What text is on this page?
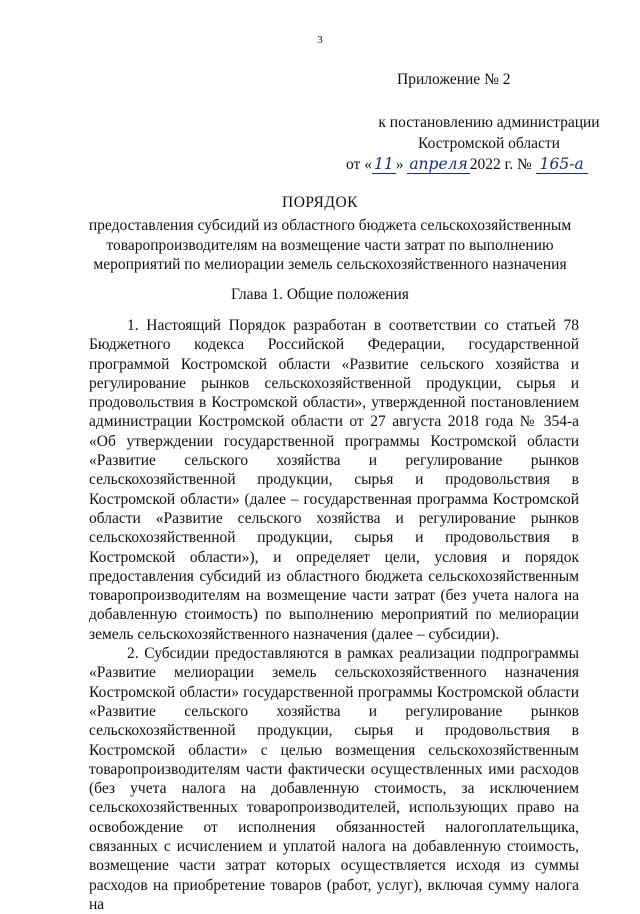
3
Приложение № 2
к постановлению администрации
Костромской области
от « 11 » апреля 2022 г. № 165-а
ПОРЯДОК
предоставления субсидий из областного бюджета сельскохозяйственным товаропроизводителям на возмещение части затрат по выполнению мероприятий по мелиорации земель сельскохозяйственного назначения
Глава 1. Общие положения

1. Настоящий Порядок разработан в соответствии со статьей 78 Бюджетного кодекса Российской Федерации, государственной программой Костромской области «Развитие сельского хозяйства и регулирование рынков сельскохозяйственной продукции, сырья и продовольствия в Костромской области», утвержденной постановлением администрации Костромской области от 27 августа 2018 года № 354-а «Об утверждении государственной программы Костромской области «Развитие сельского хозяйства и регулирование рынков сельскохозяйственной продукции, сырья и продовольствия в Костромской области» (далее – государственная программа Костромской области «Развитие сельского хозяйства и регулирование рынков сельскохозяйственной продукции, сырья и продовольствия в Костромской области»), и определяет цели, условия и порядок предоставления субсидий из областного бюджета сельскохозяйственным товаропроизводителям на возмещение части затрат (без учета налога на добавленную стоимость) по выполнению мероприятий по мелиорации земель сельскохозяйственного назначения (далее – субсидии).

2. Субсидии предоставляются в рамках реализации подпрограммы «Развитие мелиорации земель сельскохозяйственного назначения Костромской области» государственной программы Костромской области «Развитие сельского хозяйства и регулирование рынков сельскохозяйственной продукции, сырья и продовольствия в Костромской области» с целью возмещения сельскохозяйственным товаропроизводителям части фактически осуществленных ими расходов (без учета налога на добавленную стоимость, за исключением сельскохозяйственных товаропроизводителей, использующих право на освобождение от исполнения обязанностей налогоплательщика, связанных с исчислением и уплатой налога на добавленную стоимость, возмещение части затрат которых осуществляется исходя из суммы расходов на приобретение товаров (работ, услуг), включая сумму налога на
